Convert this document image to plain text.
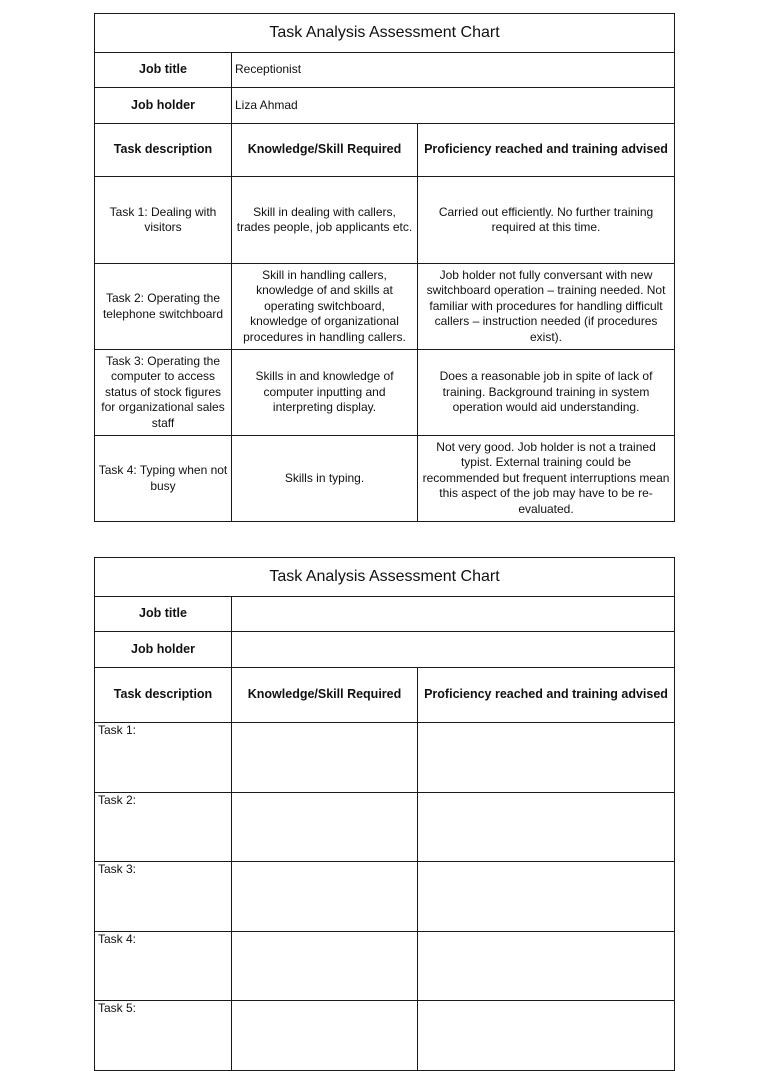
Task Analysis Assessment Chart		
Job title	Receptionist	
Job holder	Liza Ahmad	
Task description	Knowledge/Skill Required	Proficiency reached and training advised
Task 1: Dealing with visitors	Skill in dealing with callers, trades people, job applicants etc.	Carried out efficiently. No further training required at this time.
Task 2: Operating the telephone switchboard	Skill in handling callers, knowledge of and skills at operating switchboard, knowledge of organizational procedures in handling callers.	Job holder not fully conversant with new switchboard operation – training needed. Not familiar with procedures for handling difficult callers – instruction needed (if procedures exist).
Task 3: Operating the computer to access status of stock figures for organizational sales staff	Skills in and knowledge of computer inputting and interpreting display.	Does a reasonable job in spite of lack of training. Background training in system operation would aid understanding.
Task 4: Typing when not busy	Skills in typing.	Not very good. Job holder is not a trained typist. External training could be recommended but frequent interruptions mean this aspect of the job may have to be re-evaluated.
Task Analysis Assessment Chart		
Job title		
Job holder		
Task description	Knowledge/Skill Required	Proficiency reached and training advised
Task 1:		
Task 2:		
Task 3:		
Task 4:		
Task 5:		
